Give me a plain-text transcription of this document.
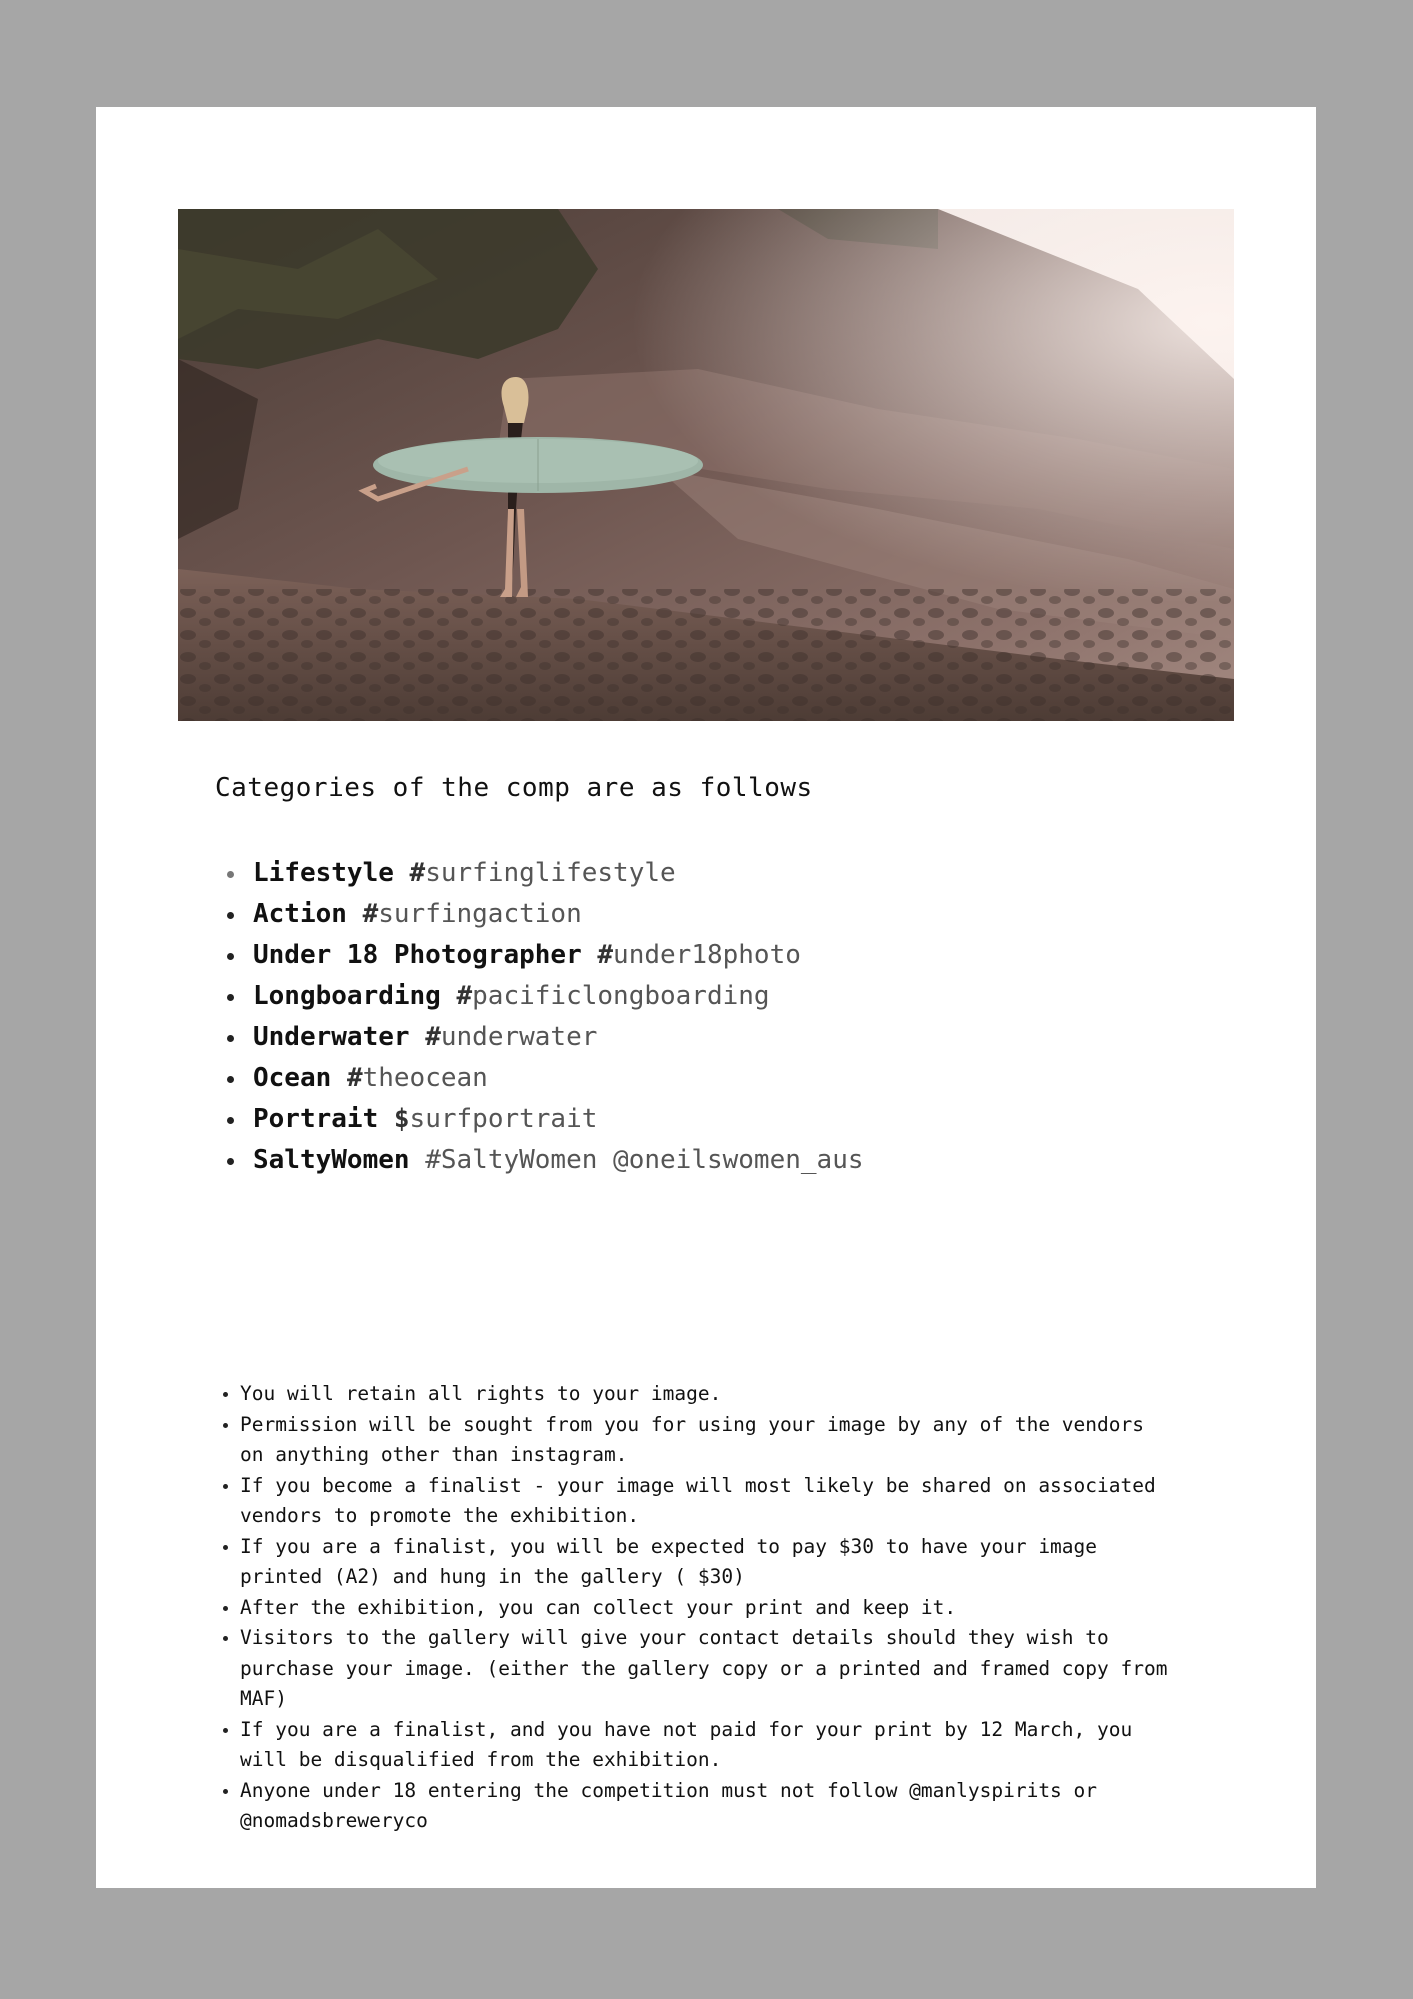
Categories of the comp are as follows
Lifestyle #surfinglifestyle
Action #surfingaction
Under 18 Photographer #under18photo
Longboarding #pacificlongboarding
Underwater #underwater
Ocean #theocean
Portrait $surfportrait
SaltyWomen #SaltyWomen @oneilswomen_aus
You will retain all rights to your image.
Permission will be sought from you for using your image by any of the vendors
on anything other than instagram.
If you become a finalist - your image will most likely be shared on associated
vendors to promote the exhibition.
If you are a finalist, you will be expected to pay $30 to have your image
printed (A2) and hung in the gallery ( $30)
After the exhibition, you can collect your print and keep it.
Visitors to the gallery will give your contact details should they wish to
purchase your image. (either the gallery copy or a printed and framed copy from
MAF)
If you are a finalist, and you have not paid for your print by 12 March, you
will be disqualified from the exhibition.
Anyone under 18 entering the competition must not follow @manlyspirits or
@nomadsbreweryco
